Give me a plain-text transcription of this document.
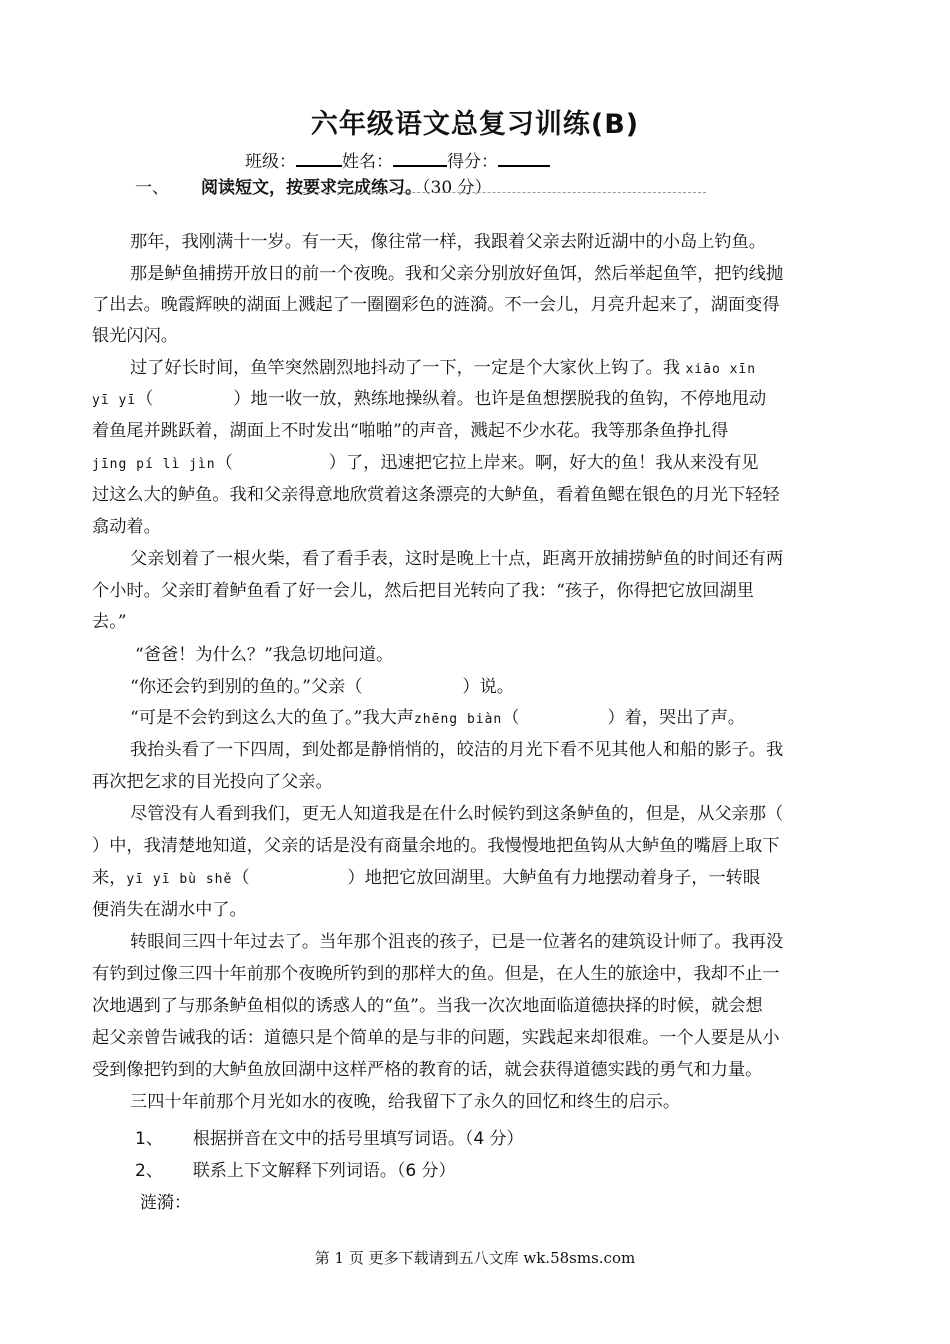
六年级语文总复习训练(B)
班级：	姓名：	得分：
一、 阅读短文，按要求完成练习。（30 分）
那年，我刚满十一岁。有一天，像往常一样，我跟着父亲去附近湖中的小岛上钓鱼。
那是鲈鱼捕捞开放日的前一个夜晚。我和父亲分别放好鱼饵，然后举起鱼竿，把钓线抛
了出去。晚霞辉映的湖面上溅起了一圈圈彩色的涟漪。不一会儿，月亮升起来了，湖面变得
银光闪闪。
过了好长时间，鱼竿突然剧烈地抖动了一下，一定是个大家伙上钩了。我 xiāo xīn
yī yī（	）地一收一放，熟练地操纵着。也许是鱼想摆脱我的鱼钩，不停地甩动
着鱼尾并跳跃着，湖面上不时发出“啪啪”的声音，溅起不少水花。我等那条鱼挣扎得
jīng pí lì jìn（	）了，迅速把它拉上岸来。啊，好大的鱼！我从来没有见
过这么大的鲈鱼。我和父亲得意地欣赏着这条漂亮的大鲈鱼，看着鱼鳃在银色的月光下轻轻
翕动着。
父亲划着了一根火柴，看了看手表，这时是晚上十点，距离开放捕捞鲈鱼的时间还有两
个小时。父亲盯着鲈鱼看了好一会儿，然后把目光转向了我：“孩子，你得把它放回湖里
去。”
“爸爸！为什么？”我急切地问道。
“你还会钓到别的鱼的。”父亲（	）说。
“可是不会钓到这么大的鱼了。”我大声zhēng biàn（	）着，哭出了声。
我抬头看了一下四周，到处都是静悄悄的，皎洁的月光下看不见其他人和船的影子。我
再次把乞求的目光投向了父亲。
尽管没有人看到我们，更无人知道我是在什么时候钓到这条鲈鱼的，但是，从父亲那（
）中，我清楚地知道，父亲的话是没有商量余地的。我慢慢地把鱼钩从大鲈鱼的嘴唇上取下
来，yī yī bù shě（	）地把它放回湖里。大鲈鱼有力地摆动着身子，一转眼
便消失在湖水中了。
转眼间三四十年过去了。当年那个沮丧的孩子，已是一位著名的建筑设计师了。我再没
有钓到过像三四十年前那个夜晚所钓到的那样大的鱼。但是，在人生的旅途中，我却不止一
次地遇到了与那条鲈鱼相似的诱惑人的“鱼”。当我一次次地面临道德抉择的时候，就会想
起父亲曾告诫我的话：道德只是个简单的是与非的问题，实践起来却很难。一个人要是从小
受到像把钓到的大鲈鱼放回湖中这样严格的教育的话，就会获得道德实践的勇气和力量。
三四十年前那个月光如水的夜晚，给我留下了永久的回忆和终生的启示。
1、 根据拼音在文中的括号里填写词语。（4 分）
2、 联系上下文解释下列词语。（6 分）
涟漪：
第 1 页 更多下载请到五八文库 wk.58sms.com
